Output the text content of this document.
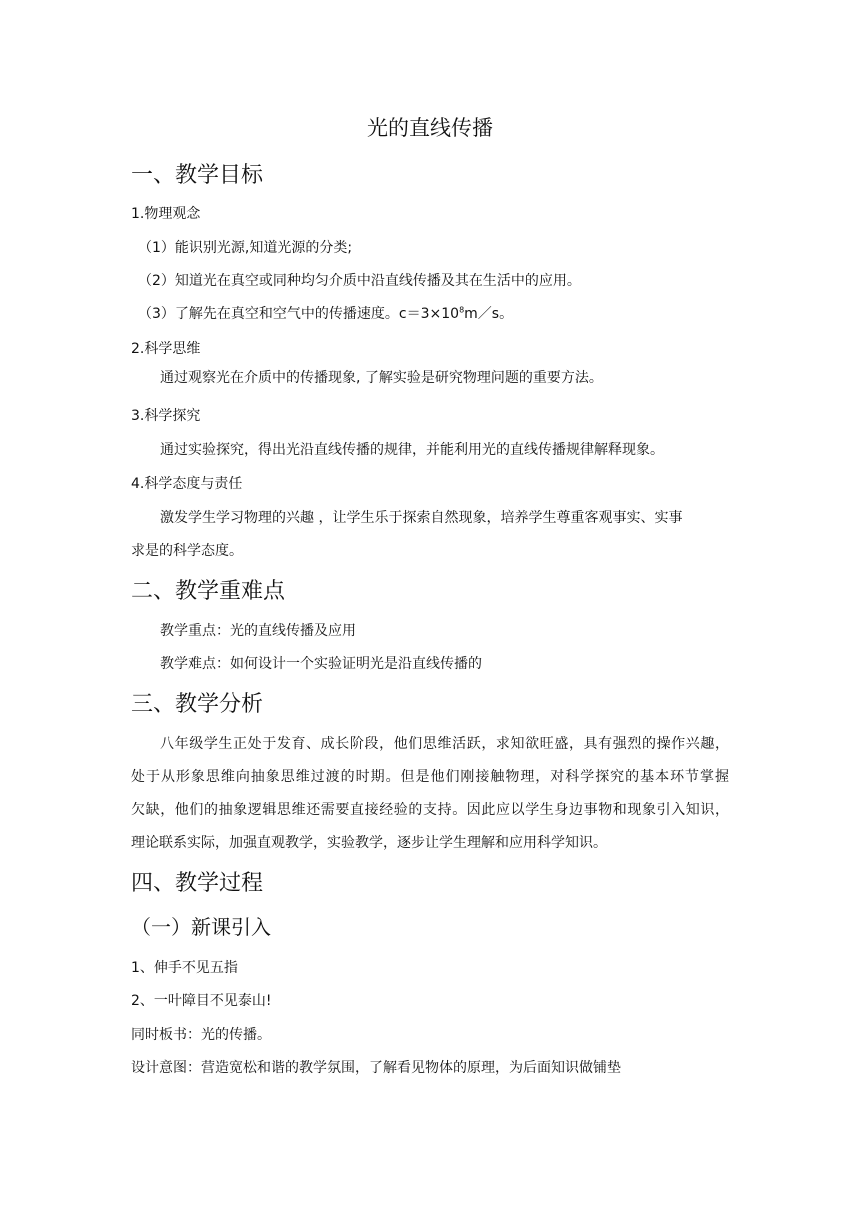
光的直线传播

一、教学目标

1.物理观念

（1）能识别光源,知道光源的分类;

（2）知道光在真空或同种均匀介质中沿直线传播及其在生活中的应用。

（3）了解先在真空和空气中的传播速度。$c=3\times 10^8m/s$。

2.科学思维

通过观察光在介质中的传播现象, 了解实验是研究物理问题的重要方法。

3.科学探究

通过实验探究，得出光沿直线传播的规律，并能利用光的直线传播规律解释现象。

4.科学态度与责任

激发学生学习物理的兴趣 ，让学生乐于探索自然现象，培养学生尊重客观事实、实事

求是的科学态度。

二、教学重难点

教学重点：光的直线传播及应用

教学难点：如何设计一个实验证明光是沿直线传播的

三、教学分析

八年级学生正处于发育、成长阶段，他们思维活跃，求知欲旺盛，具有强烈的操作兴趣，

处于从形象思维向抽象思维过渡的时期。但是他们刚接触物理，对科学探究的基本环节掌握

欠缺，他们的抽象逻辑思维还需要直接经验的支持。因此应以学生身边事物和现象引入知识，

理论联系实际，加强直观教学，实验教学，逐步让学生理解和应用科学知识。

四、教学过程

（一）新课引入

1、伸手不见五指

2、一叶障目不见泰山!

同时板书：光的传播。

设计意图：营造宽松和谐的教学氛围，了解看见物体的原理，为后面知识做铺垫
